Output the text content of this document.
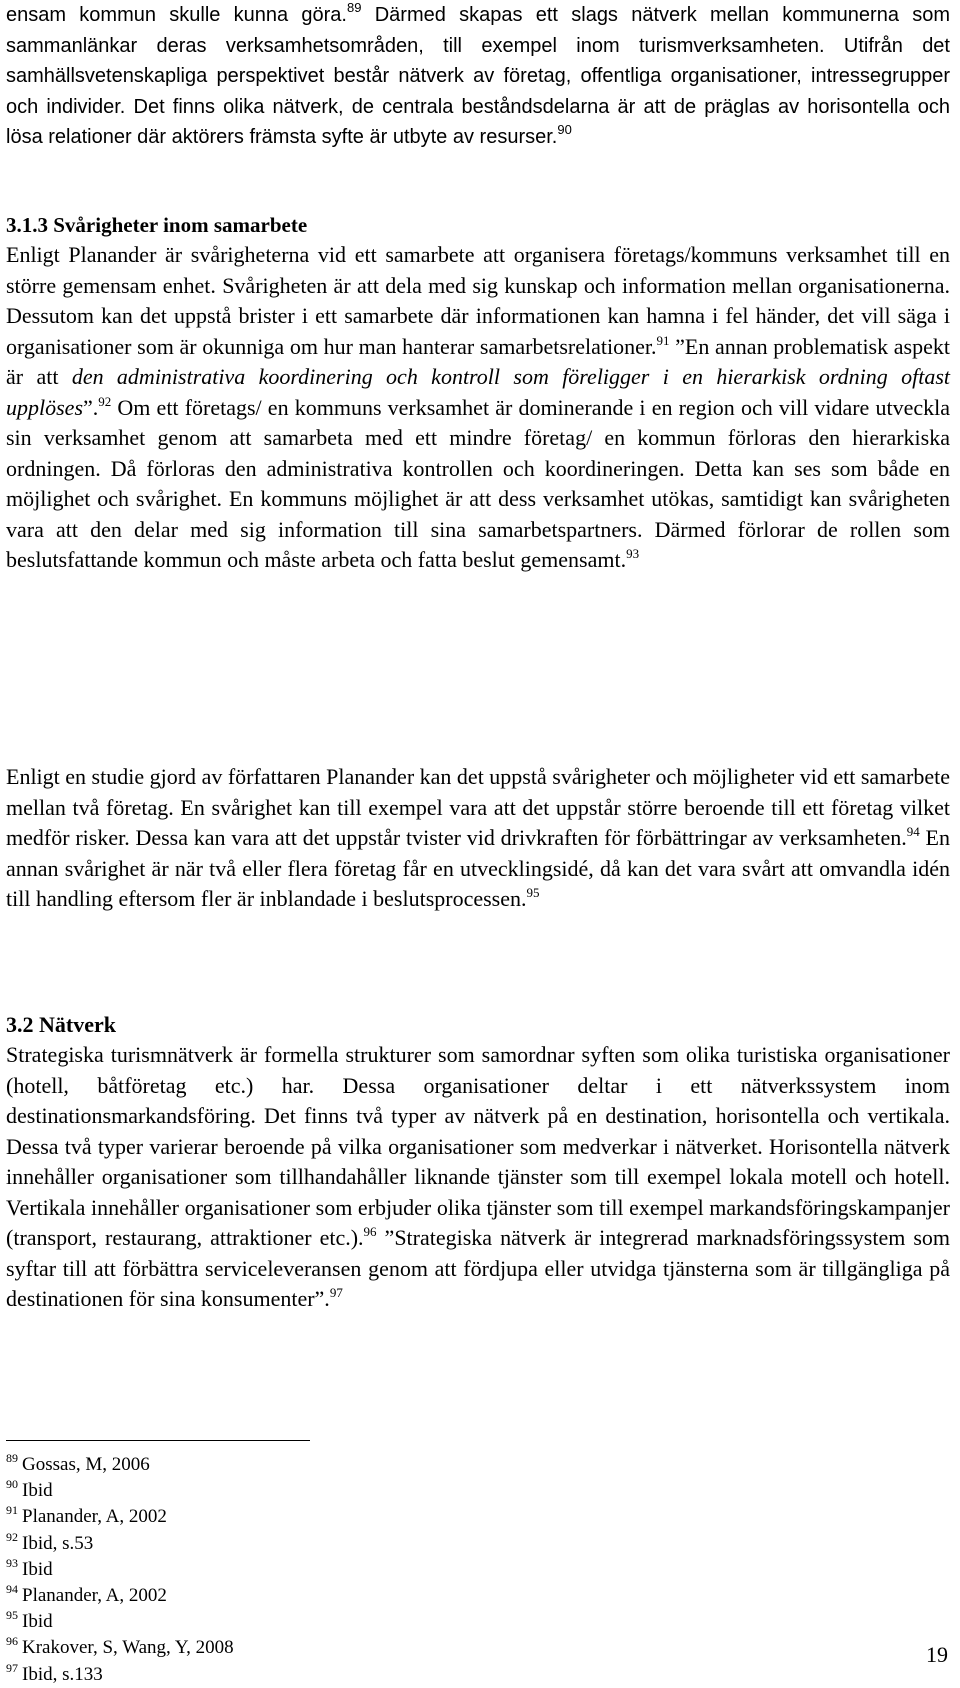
ensam kommun skulle kunna göra.$^{89}$ Därmed skapas ett slags nätverk mellan kommunerna som sammanlänkar deras verksamhetsområden, till exempel inom turismverksamheten. Utifrån det samhällsvetenskapliga perspektivet består nätverk av företag, offentliga organisationer, intressegrupper och individer. Det finns olika nätverk, de centrala beståndsdelarna är att de präglas av horisontella och lösa relationer där aktörers främsta syfte är utbyte av resurser.$^{90}$
3.1.3 Svårigheter inom samarbete
Enligt Planander är svårigheterna vid ett samarbete att organisera företags/kommuns verksamhet till en större gemensam enhet. Svårigheten är att dela med sig kunskap och information mellan organisationerna. Dessutom kan det uppstå brister i ett samarbete där informationen kan hamna i fel händer, det vill säga i organisationer som är okunniga om hur man hanterar samarbetsrelationer.$^{91}$ ”En annan problematisk aspekt är att den administrativa koordinering och kontroll som föreligger i en hierarkisk ordning oftast upplöses”.$^{92}$ Om ett företags/ en kommuns verksamhet är dominerande i en region och vill vidare utveckla sin verksamhet genom att samarbeta med ett mindre företag/ en kommun förloras den hierarkiska ordningen. Då förloras den administrativa kontrollen och koordineringen. Detta kan ses som både en möjlighet och svårighet. En kommuns möjlighet är att dess verksamhet utökas, samtidigt kan svårigheten vara att den delar med sig information till sina samarbetspartners. Därmed förlorar de rollen som beslutsfattande kommun och måste arbeta och fatta beslut gemensamt.$^{93}$
Enligt en studie gjord av författaren Planander kan det uppstå svårigheter och möjligheter vid ett samarbete mellan två företag. En svårighet kan till exempel vara att det uppstår större beroende till ett företag vilket medför risker. Dessa kan vara att det uppstår tvister vid drivkraften för förbättringar av verksamheten.$^{94}$ En annan svårighet är när två eller flera företag får en utvecklingsidé, då kan det vara svårt att omvandla idén till handling eftersom fler är inblandade i beslutsprocessen.$^{95}$
3.2 Nätverk
Strategiska turismnätverk är formella strukturer som samordnar syften som olika turistiska organisationer (hotell, båtföretag etc.) har. Dessa organisationer deltar i ett nätverkssystem inom destinationsmarkandsföring. Det finns två typer av nätverk på en destination, horisontella och vertikala. Dessa två typer varierar beroende på vilka organisationer som medverkar i nätverket. Horisontella nätverk innehåller organisationer som tillhandahåller liknande tjänster som till exempel lokala motell och hotell. Vertikala innehåller organisationer som erbjuder olika tjänster som till exempel markandsföringskampanjer (transport, restaurang, attraktioner etc.).$^{96}$ ”Strategiska nätverk är integrerad marknadsföringssystem som syftar till att förbättra serviceleveransen genom att fördjupa eller utvidga tjänsterna som är tillgängliga på destinationen för sina konsumenter”.$^{97}$
$^{89}$ Gossas, M, 2006
$^{90}$ Ibid
$^{91}$ Planander, A, 2002
$^{92}$ Ibid, s.53
$^{93}$ Ibid
$^{94}$ Planander, A, 2002
$^{95}$ Ibid
$^{96}$ Krakover, S, Wang, Y, 2008
$^{97}$ Ibid, s.133
19
